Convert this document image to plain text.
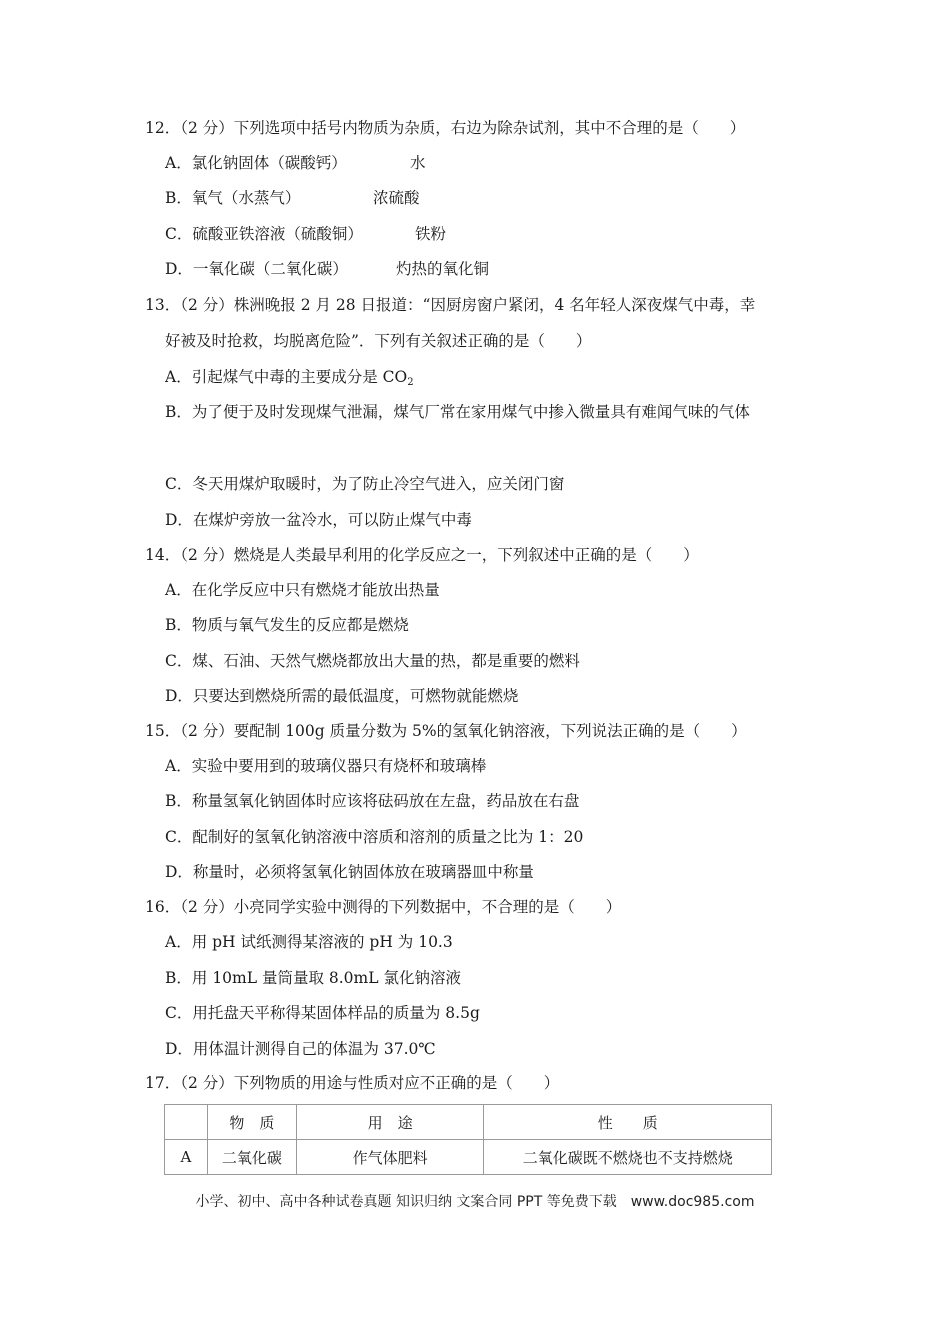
12．（2 分）下列选项中括号内物质为杂质，右边为除杂试剂，其中不合理的是（　　）
A．氯化钠固体（碳酸钙）	水
B．氧气（水蒸气）	浓硫酸
C．硫酸亚铁溶液（硫酸铜）	铁粉
D．一氧化碳（二氧化碳）	灼热的氧化铜
13．（2 分）株洲晚报 2 月 28 日报道：“因厨房窗户紧闭，4 名年轻人深夜煤气中毒，幸
好被及时抢救，均脱离危险”．下列有关叙述正确的是（　　）
A．引起煤气中毒的主要成分是 $CO_2$
B．为了便于及时发现煤气泄漏，煤气厂常在家用煤气中掺入微量具有难闻气味的气体
C．冬天用煤炉取暖时，为了防止冷空气进入，应关闭门窗
D．在煤炉旁放一盆冷水，可以防止煤气中毒
14．（2 分）燃烧是人类最早利用的化学反应之一，下列叙述中正确的是（　　）
A．在化学反应中只有燃烧才能放出热量
B．物质与氧气发生的反应都是燃烧
C．煤、石油、天然气燃烧都放出大量的热，都是重要的燃料
D．只要达到燃烧所需的最低温度，可燃物就能燃烧
15．（2 分）要配制 100g 质量分数为 5%的氢氧化钠溶液，下列说法正确的是（　　）
A．实验中要用到的玻璃仪器只有烧杯和玻璃棒
B．称量氢氧化钠固体时应该将砝码放在左盘，药品放在右盘
C．配制好的氢氧化钠溶液中溶质和溶剂的质量之比为 1：20
D．称量时，必须将氢氧化钠固体放在玻璃器皿中称量
16．（2 分）小亮同学实验中测得的下列数据中，不合理的是（　　）
A．用 pH 试纸测得某溶液的 pH 为 10.3
B．用 10mL 量筒量取 8.0mL 氯化钠溶液
C．用托盘天平称得某固体样品的质量为 8.5g
D．用体温计测得自己的体温为 37.0℃
17．（2 分）下列物质的用途与性质对应不正确的是（　　）
	物　质	用　途	性　　质
A	二氧化碳	作气体肥料	二氧化碳既不燃烧也不支持燃烧
小学、初中、高中各种试卷真题 知识归纳 文案合同 PPT 等免费下载　www.doc985.com
